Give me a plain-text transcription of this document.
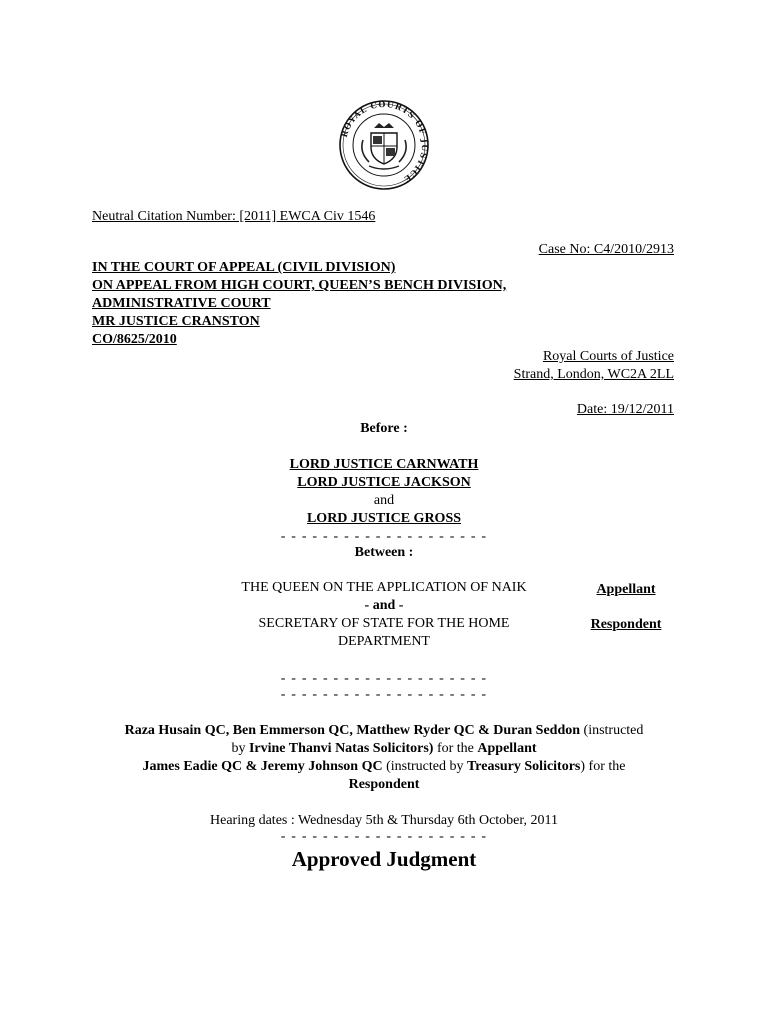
ROYAL COURTS OF JUSTICE
Neutral Citation Number: [2011] EWCA Civ 1546
Case No: C4/2010/2913
IN THE COURT OF APPEAL (CIVIL DIVISION)
ON APPEAL FROM HIGH COURT, QUEEN’S BENCH DIVISION,
ADMINISTRATIVE COURT
MR JUSTICE CRANSTON
CO/8625/2010
Royal Courts of Justice
Strand, London, WC2A 2LL
Date: 19/12/2011
Before :
LORD JUSTICE CARNWATH
LORD JUSTICE JACKSON
and
LORD JUSTICE GROSS
- - - - - - - - - - - - - - - - - - - -
Between :
THE QUEEN ON THE APPLICATION OF NAIK
- and -
SECRETARY OF STATE FOR THE HOME
DEPARTMENT
Appellant
Respondent
- - - - - - - - - - - - - - - - - - - -
- - - - - - - - - - - - - - - - - - - -
Raza Husain QC, Ben Emmerson QC, Matthew Ryder QC & Duran Seddon (instructed
by Irvine Thanvi Natas Solicitors) for the Appellant
James Eadie QC & Jeremy Johnson QC (instructed by Treasury Solicitors) for the
Respondent
Hearing dates : Wednesday 5th & Thursday 6th October, 2011
- - - - - - - - - - - - - - - - - - - -
Approved Judgment
